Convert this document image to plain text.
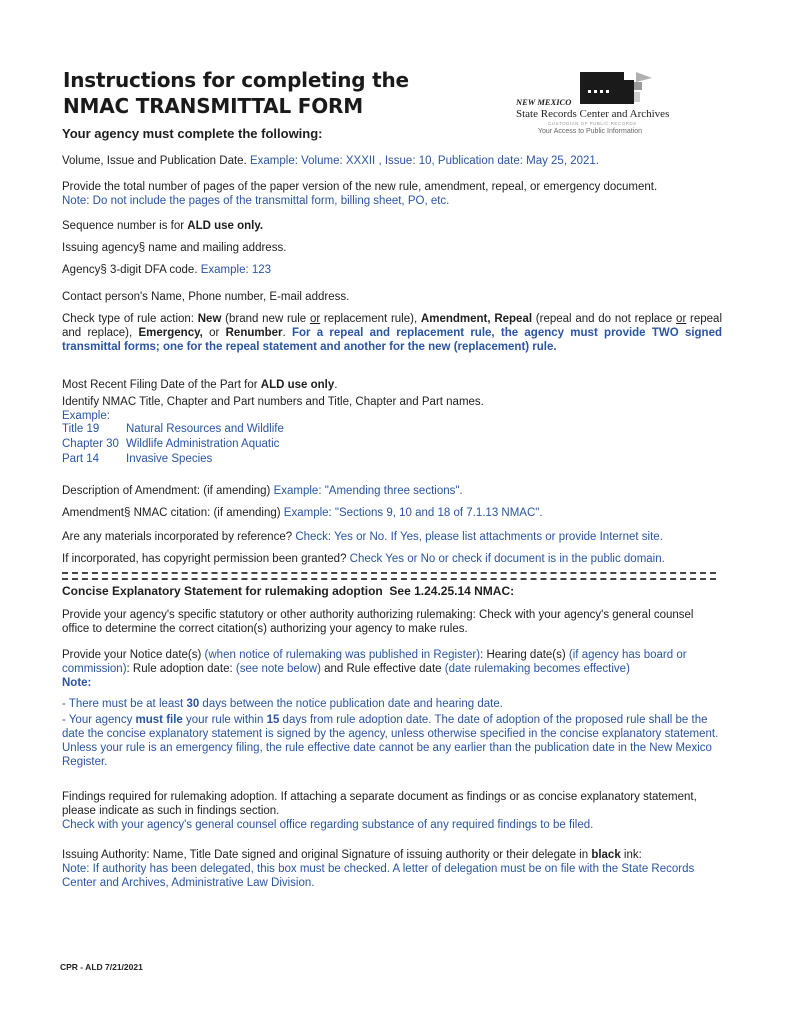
Instructions for completing the
NMAC TRANSMITTAL FORM	NEW MEXICO
State Records Center and Archives
CUSTODIAN OF PUBLIC RECORDS
Your Access to Public Information
Your agency must complete the following:

Volume, Issue and Publication Date. Example: Volume: XXXII , Issue: 10, Publication date: May 25, 2021.

Provide the total number of pages of the paper version of the new rule, amendment, repeal, or emergency document.
Note: Do not include the pages of the transmittal form, billing sheet, PO, etc.

Sequence number is for ALD use only.

Issuing agency§ name and mailing address.

Agency§ 3-digit DFA code. Example: 123

Contact person's Name, Phone number, E-mail address.

Check type of rule action: New (brand new rule or replacement rule), Amendment, Repeal (repeal and do not replace or repeal and replace), Emergency, or Renumber. For a repeal and replacement rule, the agency must provide TWO signed transmittal forms; one for the repeal statement and another for the new (replacement) rule.

Most Recent Filing Date of the Part for ALD use only.

Identify NMAC Title, Chapter and Part numbers and Title, Chapter and Part names.
Example:

Title 19	Natural Resources and Wildlife
Chapter 30 Wildlife Administration Aquatic
Part 14	Invasive Species

Description of Amendment: (if amending) Example: "Amending three sections".

Amendment§ NMAC citation: (if amending) Example: "Sections 9, 10 and 18 of 7.1.13 NMAC".

Are any materials incorporated by reference? Check: Yes or No. If Yes, please list attachments or provide Internet site.

If incorporated, has copyright permission been granted? Check Yes or No or check if document is in the public domain.

Concise Explanatory Statement for rulemaking adoption See 1.24.25.14 NMAC:

Provide your agency's specific statutory or other authority authorizing rulemaking: Check with your agency's general counsel office to determine the correct citation(s) authorizing your agency to make rules.

Provide your Notice date(s) (when notice of rulemaking was published in Register): Hearing date(s) (if agency has board or commission): Rule adoption date: (see note below) and Rule effective date (date rulemaking becomes effective)
Note:

- There must be at least 30 days between the notice publication date and hearing date.

- Your agency must file your rule within 15 days from rule adoption date. The date of adoption of the proposed rule shall be the date the concise explanatory statement is signed by the agency, unless otherwise specified in the concise explanatory statement. Unless your rule is an emergency filing, the rule effective date cannot be any earlier than the publication date in the New Mexico Register.

Findings required for rulemaking adoption. If attaching a separate document as findings or as concise explanatory statement, please indicate as such in findings section.
Check with your agency's general counsel office regarding substance of any required findings to be filed.

Issuing Authority: Name, Title Date signed and original Signature of issuing authority or their delegate in black ink:
Note: If authority has been delegated, this box must be checked. A letter of delegation must be on file with the State Records Center and Archives, Administrative Law Division.

CPR - ALD 7/21/2021
